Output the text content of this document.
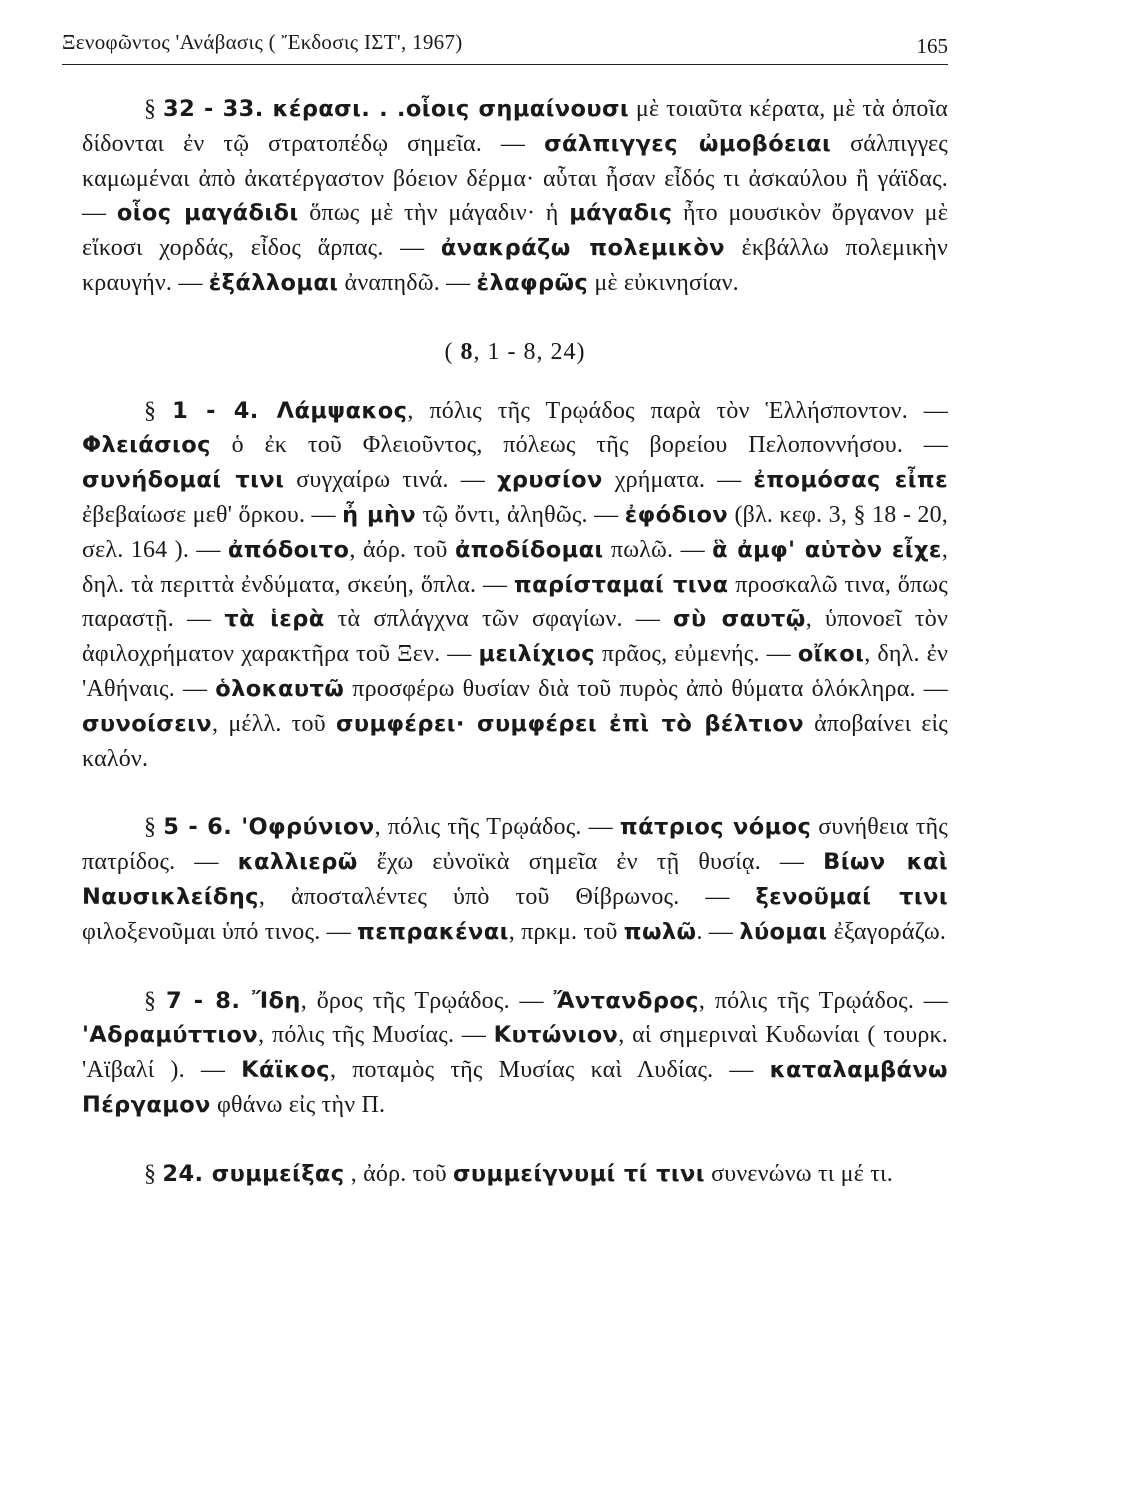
Ξενοφῶντος 'Ανάβασις ( Ἔκδοσις ΙΣΤ', 1967)	165

§ 32 - 33. κέρασι. . .οἷοις σημαίνουσι μὲ τοιαῦτα κέρατα, μὲ τὰ ὁποῖα δίδονται ἐν τῷ στρατοπέδῳ σημεῖα. — σάλπιγγες ὠμοβόειαι σάλπιγγες καμωμέναι ἀπὸ ἀκατέργαστον βόειον δέρμα· αὗται ἦσαν εἶδός τι ἀσκαύλου ἢ γάϊδας. — οἷος μαγάδιδι ὅπως μὲ τὴν μάγαδιν· ἡ μάγαδις ἦτο μουσικὸν ὄργανον μὲ εἴκοσι χορδάς, εἶδος ἅρπας. — ἀνακράζω πολεμικὸν ἐκβάλλω πολεμικὴν κραυγήν. — ἐξάλλομαι ἀναπηδῶ. — ἐλαφρῶς μὲ εὐκινησίαν.

( 8, 1 - 8, 24)

§ 1 - 4. Λάμψακος, πόλις τῆς Τρῳάδος παρὰ τὸν Ἑλλήσποντον. — Φλειάσιος ὁ ἐκ τοῦ Φλειοῦντος, πόλεως τῆς βορείου Πελοποννήσου. — συνήδομαί τινι συγχαίρω τινά. — χρυσίον χρήματα. — ἐπομόσας εἶπε ἐβεβαίωσε μεθ' ὅρκου. — ἦ μὴν τῷ ὄντι, ἀληθῶς. — ἐφόδιον (βλ. κεφ. 3, § 18 - 20, σελ. 164 ). — ἀπόδοιτο, ἀόρ. τοῦ ἀποδίδομαι πωλῶ. — ἃ ἀμφ' αὑτὸν εἶχε, δηλ. τὰ περιττὰ ἐνδύματα, σκεύη, ὅπλα. — παρίσταμαί τινα προσκαλῶ τινα, ὅπως παραστῇ. — τὰ ἱερὰ τὰ σπλάγχνα τῶν σφαγίων. — σὺ σαυτῷ, ὑπονοεῖ τὸν ἀφιλοχρήματον χαρακτῆρα τοῦ Ξεν. — μειλίχιος πρᾶος, εὐμενής. — οἴκοι, δηλ. ἐν 'Αθήναις. — ὁλοκαυτῶ προσφέρω θυσίαν διὰ τοῦ πυρὸς ἀπὸ θύματα ὁλόκληρα. — συνοίσειν, μέλλ. τοῦ συμφέρει· συμφέρει ἐπὶ τὸ βέλτιον ἀποβαίνει εἰς καλόν.

§ 5 - 6. 'Οφρύνιον, πόλις τῆς Τρῳάδος. — πάτριος νόμος συνήθεια τῆς πατρίδος. — καλλιερῶ ἔχω εὐνοϊκὰ σημεῖα ἐν τῇ θυσίᾳ. — Βίων καὶ Ναυσικλείδης, ἀποσταλέντες ὑπὸ τοῦ Θίβρωνος. — ξενοῦμαί τινι φιλοξενοῦμαι ὑπό τινος. — πεπρακέναι, πρκμ. τοῦ πωλῶ. — λύομαι ἐξαγοράζω.

§ 7 - 8. Ἴδη, ὄρος τῆς Τρῳάδος. — Ἄντανδρος, πόλις τῆς Τρῳάδος. — 'Αδραμύττιον, πόλις τῆς Μυσίας. — Κυτώνιον, αἱ σημεριναὶ Κυδωνίαι ( τουρκ. 'Αϊβαλί ). — Κάϊκος, ποταμὸς τῆς Μυσίας καὶ Λυδίας. — καταλαμβάνω Πέργαμον φθάνω εἰς τὴν Π.

§ 24. συμμείξας , ἀόρ. τοῦ συμμείγνυμί τί τινι συνενώνω τι μέ τι.
